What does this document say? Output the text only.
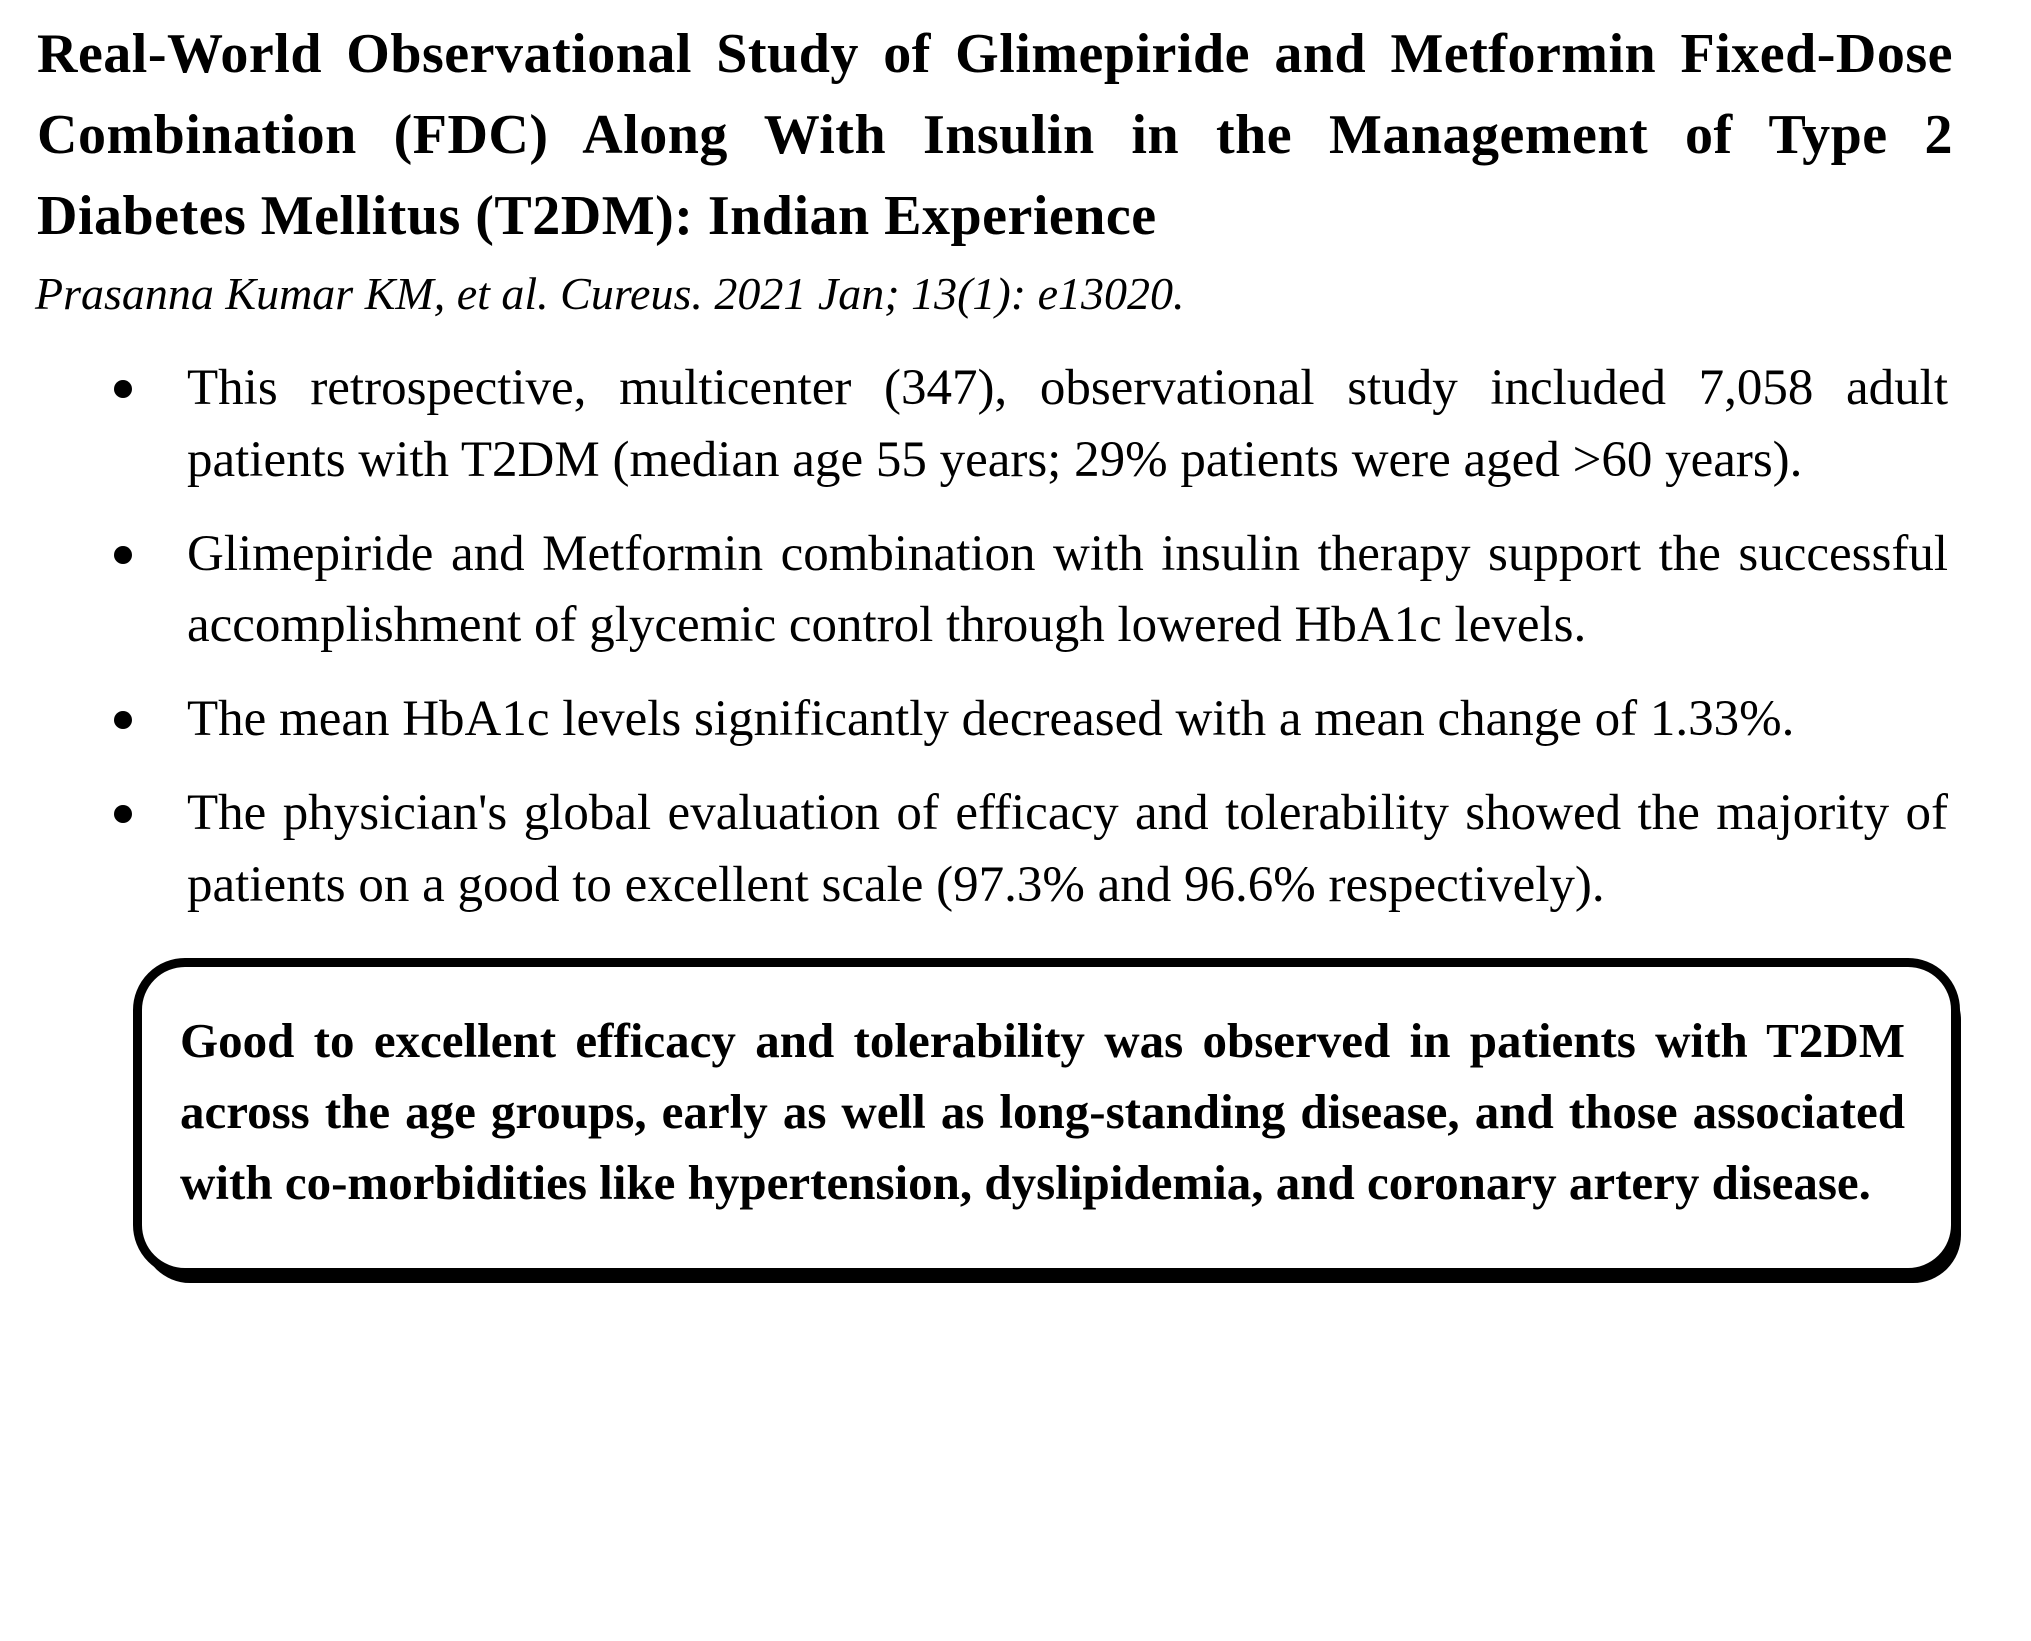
Real-World Observational Study of Glimepiride and Metformin Fixed-Dose Combination (FDC) Along With Insulin in the Management of Type 2 Diabetes Mellitus (T2DM): Indian Experience

Prasanna Kumar KM, et al. Cureus. 2021 Jan; 13(1): e13020.

This retrospective, multicenter (347), observational study included 7,058 adult patients with T2DM (median age 55 years; 29% patients were aged >60 years).
Glimepiride and Metformin combination with insulin therapy support the successful accomplishment of glycemic control through lowered HbA1c levels.
The mean HbA1c levels significantly decreased with a mean change of 1.33%.
The physician's global evaluation of efficacy and tolerability showed the majority of patients on a good to excellent scale (97.3% and 96.6% respectively).

Good to excellent efficacy and tolerability was observed in patients with T2DM across the age groups, early as well as long-standing disease, and those associated with co-morbidities like hypertension, dyslipidemia, and coronary artery disease.
